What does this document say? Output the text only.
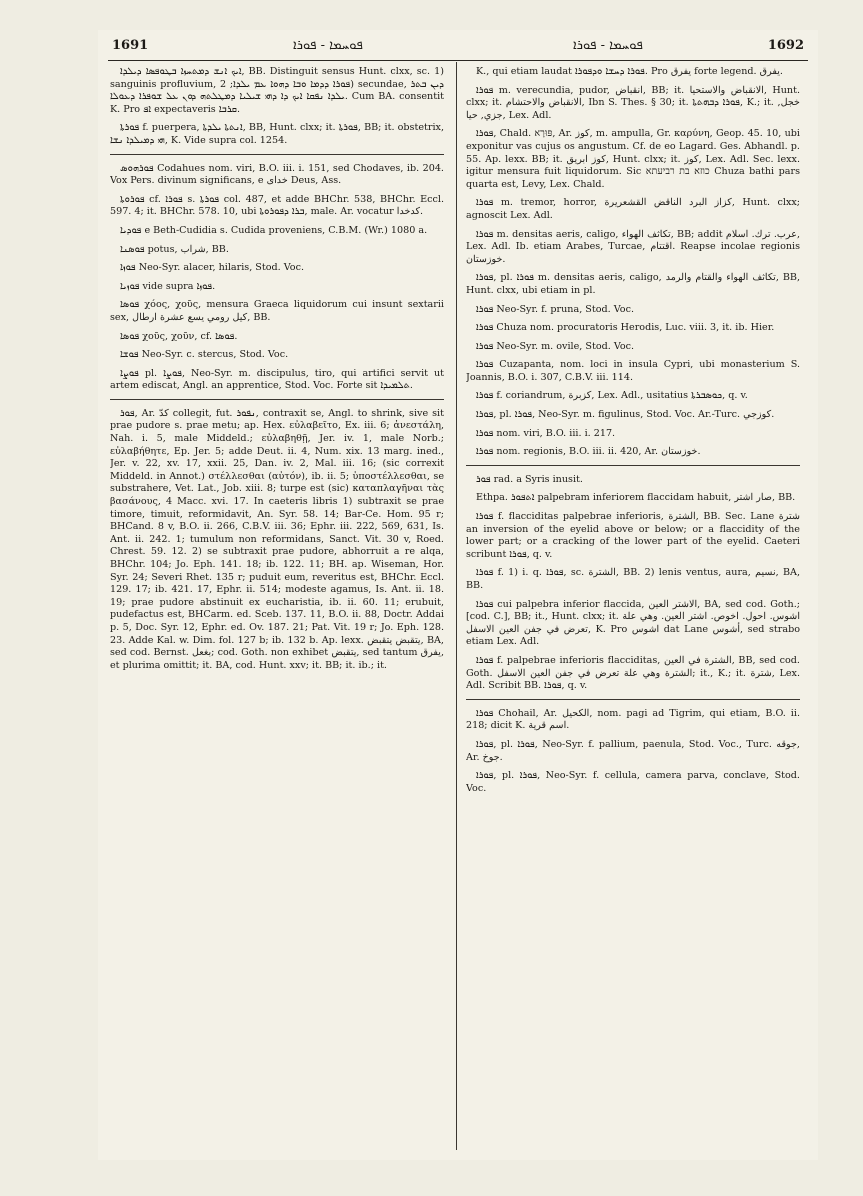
1691	ܦܘܚܡܐ - ܦܘܪܐ	ܦܘܚܡܐ - ܦܘܪܐ	1692

ܐܝܟ ܐܢܫ ܕܡܬܚܙܐ ܒܛܘܦܣܐ ܕܝܠܕܐ, BB. Distinguit sensus Hunt. clxx, sc. 1) sanguinis profluvium, ܦܘܪܐ ܕܕܡܐ ܘܒܐ ܕܗܘܐ ܥܡ ܝܠܕܐ; 2) secundae, ܕܝܢ ܒܬܪ ܝܠܕܐ ܢܦܩܐ ܐܝܟ ܕܐ ܕܗܝ ܫܝܠܝܐ ܕܡܛܠܬܗ ܕܘܢ ܥܠ ܫܘܦܪܐ ܕܥܘܠܐ. Cum BA. consentit K. Pro ܐܦ expectaveris ܩܪܒܐ.

ܦܘܪܬܐ f. puerpera, ܐܢܬܬܐ ܝܠܕܬܐ, BB, Hunt. clxx; it. ܦܘܪܬܐ, BB; it. obstetrix, ܗܝ ܕܡܝܠܕܐ ܢܫܐ, K. Vide supra col. 1254.

ܦܘܪܗܘܣ Codahues nom. viri, B.O. iii. i. 151, sed Chodaves, ib. 204. Vox Pers. divinum significans, e خدای Deus, Ass.

ܦܘܪܘܬܐ cf. ܦܘܪܐ s. ܦܘܪܬܐ col. 487, et adde BHChr. 538, BHChr. Eccl. 597. 4; it. BHChr. 578. 10, ubi ܒܪܐ ܕܦܘܪܘܬܐ, male. Ar. vocatur كدخدا.

ܦܘܕܝܐ e Beth-Cudidia s. Cudida proveniens, C.B.M. (Wr.) 1080 a.

ܦܘܣܢܐ potus, شراب, BB.

ܦܘܙܐ Neo-Syr. alacer, hilaris, Stod. Voc.

ܦܘܙܝܐ vide supra ܦܘܙܐ.

ܦܘܣܐ χόος, χοῦς, mensura Graeca liquidorum cui insunt sextarii sex, كيل رومي يسع عشرة ارطال, BB.

ܦܘܣܐ χοῦς, χοῦν, cf. ܦܘܣܐ.

ܦܘܫܐ Neo-Syr. c. stercus, Stod. Voc.

ܦܘܨܐ pl. ܦܘܨܐ, Neo-Syr. m. discipulus, tiro, qui artifici servit ut artem ediscat, Angl. an apprentice, Stod. Voc. Forte sit ܬܠܡܝܕܐ.

ܦܘܪ, Ar. كدّ collegit, fut. ܢܦܘܪ, contraxit se, Angl. to shrink, sive sit prae pudore s. prae metu; ap. Hex. εὐλαβεῖτο, Ex. iii. 6; ἀνεστάλη, Nah. i. 5, male Middeld.; εὐλαβηθῇ, Jer. iv. 1, male Norb.; εὐλαβήθητε, Ep. Jer. 5; adde Deut. ii. 4, Num. xix. 13 marg. ined., Jer. v. 22, xv. 17, xxii. 25, Dan. iv. 2, Mal. iii. 16; (sic correxit Middeld. in Annot.) στέλλεσθαι (αὐτόν), ib. ii. 5; ὑποστέλλεσθαι, se substrahere, Vet. Lat., Job. xiii. 8; turpe est (sic) καταπλαγῆναι τὰς βασάνους, 4 Macc. xvi. 17. In caeteris libris 1) subtraxit se prae timore, timuit, reformidavit, An. Syr. 58. 14; Bar-Ce. Hom. 95 r; BHCand. 8 v, B.O. ii. 266, C.B.V. iii. 36; Ephr. iii. 222, 569, 631, Is. Ant. ii. 242. 1; tumulum non reformidans, Sanct. Vit. 30 v, Roed. Chrest. 59. 12. 2) se subtraxit prae pudore, abhorruit a re alqa, BHChr. 104; Jo. Eph. 141. 18; ib. 122. 11; BH. ap. Wiseman, Hor. Syr. 24; Severi Rhet. 135 r; puduit eum, reveritus est, BHChr. Eccl. 129. 17; ib. 421. 17, Ephr. ii. 514; modeste agamus, Is. Ant. ii. 18. 19; prae pudore abstinuit ex eucharistia, ib. ii. 60. 11; erubuit, pudefactus est, BHCarm. ed. Sceb. 137. 11, B.O. ii. 88, Doctr. Addai p. 5, Doc. Syr. 12, Ephr. ed. Ov. 187. 21; Pat. Vit. 19 r; Jo. Eph. 128. 23. Adde Kal. w. Dim. fol. 127 b; ib. 132 b. Ap. lexx. يتقبض يتقبض, BA, sed cod. Bernst. بغعل; cod. Goth. non exhibet يتقبض, sed tantum يفرق, et plurima omittit; it. BA, cod. Hunt. xxv; it. BB; it. ib.; it.

K., qui etiam laudat ܦܘܪܐ ܕܚܫܐ ܘܕܦܘܪܐ. Pro يفرق forte legend. يفرق.

ܦܘܪܐ m. verecundia, pudor, انقباض, BB; it. الانقباض والاستحيا, Hunt. clxx; it. الانقباض والاحتشام, Ibn S. Thes. § 30; it. ܦܘܪܐ ܕܒܗܬܬܐ, K.; it. خجل, جزي, حيا, Lex. Adl.

ܦܘܪܐ, Chald. פּוּרָא, Ar. كوز, m. ampulla, Gr. καρύνη, Geop. 45. 10, ubi exponitur vas cujus os angustum. Cf. de eo Lagard. Ges. Abhandl. p. 55. Ap. lexx. BB; it. كوز ابريق, Hunt. clxx; it. كوز, Lex. Adl. Sec. lexx. igitur mensura fuit liquidorum. Sic כוזא בת רביעתא Chuza bathi pars quarta est, Levy, Lex. Chald.

ܦܘܪܐ m. tremor, horror, كزاز البرد الناقض القشعريرة, Hunt. clxx; agnoscit Lex. Adl.

ܦܘܪܐ m. densitas aeris, caligo, تكاثف الهواء, BB; addit عرب. ترك. اسلام, Lex. Adl. Ib. etiam Arabes, Turcae, اقتتام. Reapse incolae regionis خوزستان.

ܦܘܪܐ, pl. ܦܘܪܐ m. densitas aeris, caligo, تكاثف الهواء والقتام والرمد, BB, Hunt. clxx, ubi etiam in pl.

ܦܘܪܐ Neo-Syr. f. pruna, Stod. Voc.

ܦܘܪܐ Chuza nom. procuratoris Herodis, Luc. viii. 3, it. ib. Hier.

ܦܘܪܐ Neo-Syr. m. ovile, Stod. Voc.

ܦܘܪܐ Cuzapanta, nom. loci in insula Cypri, ubi monasterium S. Joannis, B.O. i. 307, C.B.V. iii. 114.

ܦܘܪܐ f. coriandrum, كزبرة, Lex. Adl., usitatius ܟܘܣܒܪܬܐ, q. v.

ܦܘܪܐ, pl. ܦܘܪܐ, Neo-Syr. m. figulinus, Stod. Voc. Ar.-Turc. كوزجي.

ܦܘܪܐ nom. viri, B.O. iii. i. 217.

ܦܘܪܐ nom. regionis, B.O. iii. ii. 420, Ar. خوزستان.

ܦܘܪ rad. a Syris inusit.

Ethpa. ܐܬܦܘܪ palpebram inferiorem flaccidam habuit, صار اشتر, BB.

ܦܘܪܐ f. flacciditas palpebrae inferioris, الشترة, BB. Sec. Lane شترة an inversion of the eyelid above or below; or a flaccidity of the lower part; or a cracking of the lower part of the eyelid. Caeteri scribunt ܦܘܪܐ, q. v.

ܦܘܪܐ f. 1) i. q. ܦܘܪܐ, sc. الشترة, BB. 2) lenis ventus, aura, نسيم, BA, BB.

ܦܘܪܐ cui palpebra inferior flaccida, الاشتر العين, BA, sed cod. Goth.; [cod. C.], BB; it., Hunt. clxx; it. اشوس. احول. اخوص. اشتر العين. وهي علة تعرض في جفن العين الاسفل, K. Pro اشوس dat Lane أشوس, sed strabo etiam Lex. Adl.

ܦܘܪܐ f. palpebrae inferioris flacciditas, الشترة في العين, BB, sed cod. Goth. الشترة وهي علة تعرض في جفن العين الاسفل; it., K.; it. شترة, Lex. Adl. Scribit BB. ܦܘܪܐ, q. v.

ܦܘܪܐ Chohail, Ar. الكحيل, nom. pagi ad Tigrim, qui etiam, B.O. ii. 218; dicit K. اسم قرية.

ܦܘܪܐ, pl. ܦܘܪܐ, Neo-Syr. f. pallium, paenula, Stod. Voc., Turc. جوقه, Ar. جوخ.

ܦܘܪܐ, pl. ܦܘܪܐ, Neo-Syr. f. cellula, camera parva, conclave, Stod. Voc.
